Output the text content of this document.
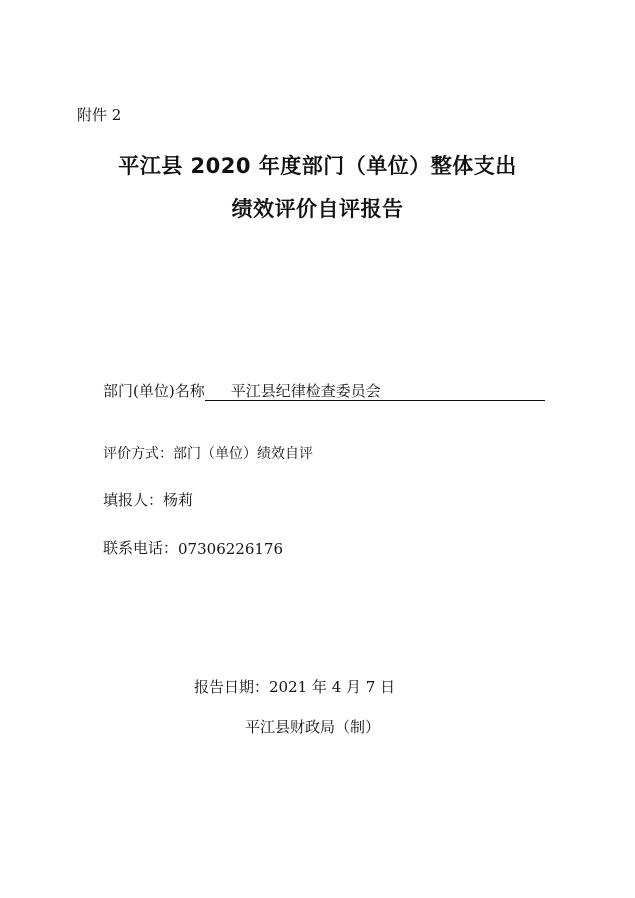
附件 2
平江县 2020 年度部门（单位）整体支出
绩效评价自评报告
部门(单位)名称	平江县纪律检查委员会
评价方式： 部门（单位）绩效自评
填报人： 杨莉
联系电话： 07306226176
报告日期：2021 年 4 月 7 日
平江县财政局（制）
